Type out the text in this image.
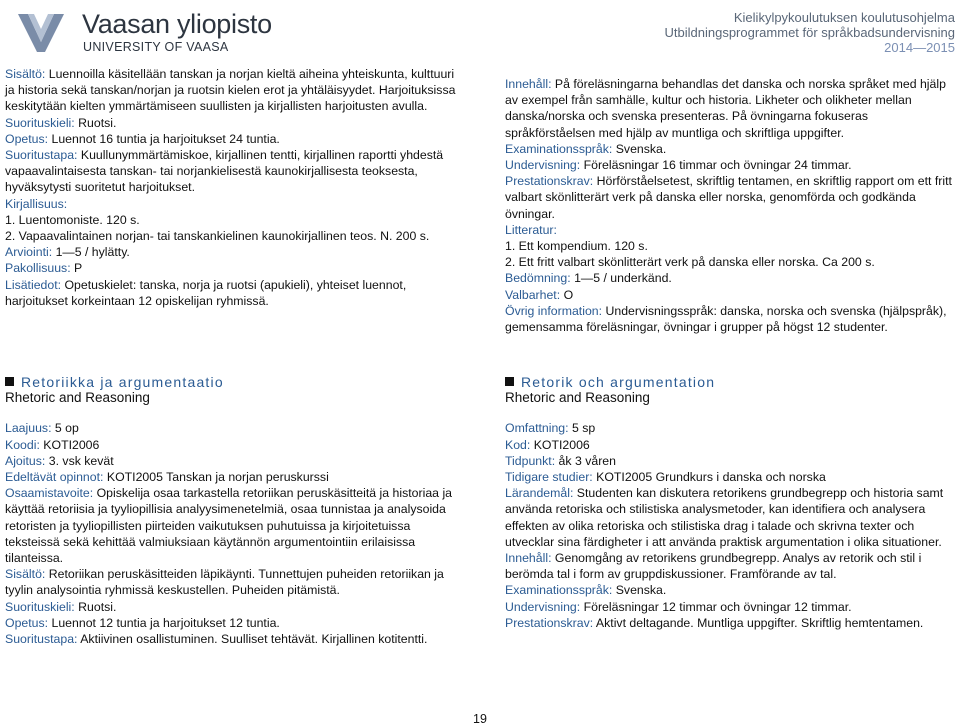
Vaasan yliopisto
UNIVERSITY OF VAASA
Kielikylpykoulutuksen koulutusohjelma
Utbildningsprogrammet för språkbadsundervisning
2014—2015

Sisältö: Luennoilla käsitellään tanskan ja norjan kieltä aiheina yhteiskunta, kulttuuri ja historia sekä tanskan/norjan ja ruotsin kielen erot ja yhtäläisyydet. Harjoituksissa keskitytään kielten ymmärtämiseen suullisten ja kirjallisten harjoitusten avulla.

Suorituskieli: Ruotsi.

Opetus: Luennot 16 tuntia ja harjoitukset 24 tuntia.

Suoritustapa: Kuullunymmärtämiskoe, kirjallinen tentti, kirjallinen raportti yhdestä vapaavalintaisesta tanskan- tai norjankielisestä kaunokirjallisesta teoksesta, hyväksytysti suoritetut harjoitukset.

Kirjallisuus:

1. Luentomoniste. 120 s.

2. Vapaavalintainen norjan- tai tanskankielinen kaunokirjallinen teos. N. 200 s.

Arviointi: 1—5 / hylätty.

Pakollisuus: P

Lisätiedot: Opetuskielet: tanska, norja ja ruotsi (apukieli), yhteiset luennot, harjoitukset korkeintaan 12 opiskelijan ryhmissä.

Innehåll: På föreläsningarna behandlas det danska och norska språket med hjälp av exempel från samhälle, kultur och historia. Likheter och olikheter mellan danska/norska och svenska presenteras. På övningarna fokuseras språkförståelsen med hjälp av muntliga och skriftliga uppgifter.

Examinationsspråk: Svenska.

Undervisning: Föreläsningar 16 timmar och övningar 24 timmar.

Prestationskrav: Hörförståelsetest, skriftlig tentamen, en skriftlig rapport om ett fritt valbart skönlitterärt verk på danska eller norska, genomförda och godkända övningar.

Litteratur:

1. Ett kompendium. 120 s.

2. Ett fritt valbart skönlitterärt verk på danska eller norska. Ca 200 s.

Bedömning: 1—5 / underkänd.

Valbarhet: O

Övrig information: Undervisningsspråk: danska, norska och svenska (hjälpspråk), gemensamma föreläsningar, övningar i grupper på högst 12 studenter.

Retoriikka ja argumentaatio

Rhetoric and Reasoning

Laajuus: 5 op

Koodi: KOTI2006

Ajoitus: 3. vsk kevät

Edeltävät opinnot: KOTI2005 Tanskan ja norjan peruskurssi

Osaamistavoite: Opiskelija osaa tarkastella retoriikan peruskäsitteitä ja historiaa ja käyttää retoriisia ja tyyliopillisia analyysimenetelmiä, osaa tunnistaa ja analysoida retoristen ja tyyliopillisten piirteiden vaikutuksen puhutuissa ja kirjoitetuissa teksteissä sekä kehittää valmiuksiaan käytännön argumentointiin erilaisissa tilanteissa.

Sisältö: Retoriikan peruskäsitteiden läpikäynti. Tunnettujen puheiden retoriikan ja tyylin analysointia ryhmissä keskustellen. Puheiden pitämistä.

Suorituskieli: Ruotsi.

Opetus: Luennot 12 tuntia ja harjoitukset 12 tuntia.

Suoritustapa: Aktiivinen osallistuminen. Suulliset tehtävät. Kirjallinen kotitentti.

Retorik och argumentation

Rhetoric and Reasoning

Omfattning: 5 sp

Kod: KOTI2006

Tidpunkt: åk 3 våren

Tidigare studier: KOTI2005 Grundkurs i danska och norska

Lärandemål: Studenten kan diskutera retorikens grundbegrepp och historia samt använda retoriska och stilistiska analysmetoder, kan identifiera och analysera effekten av olika retoriska och stilistiska drag i talade och skrivna texter och utvecklar sina färdigheter i att använda praktisk argumentation i olika situationer.

Innehåll: Genomgång av retorikens grundbegrepp. Analys av retorik och stil i berömda tal i form av gruppdiskussioner. Framförande av tal.

Examinationsspråk: Svenska.

Undervisning: Föreläsningar 12 timmar och övningar 12 timmar.

Prestationskrav: Aktivt deltagande. Muntliga uppgifter. Skriftlig hemtentamen.

19
